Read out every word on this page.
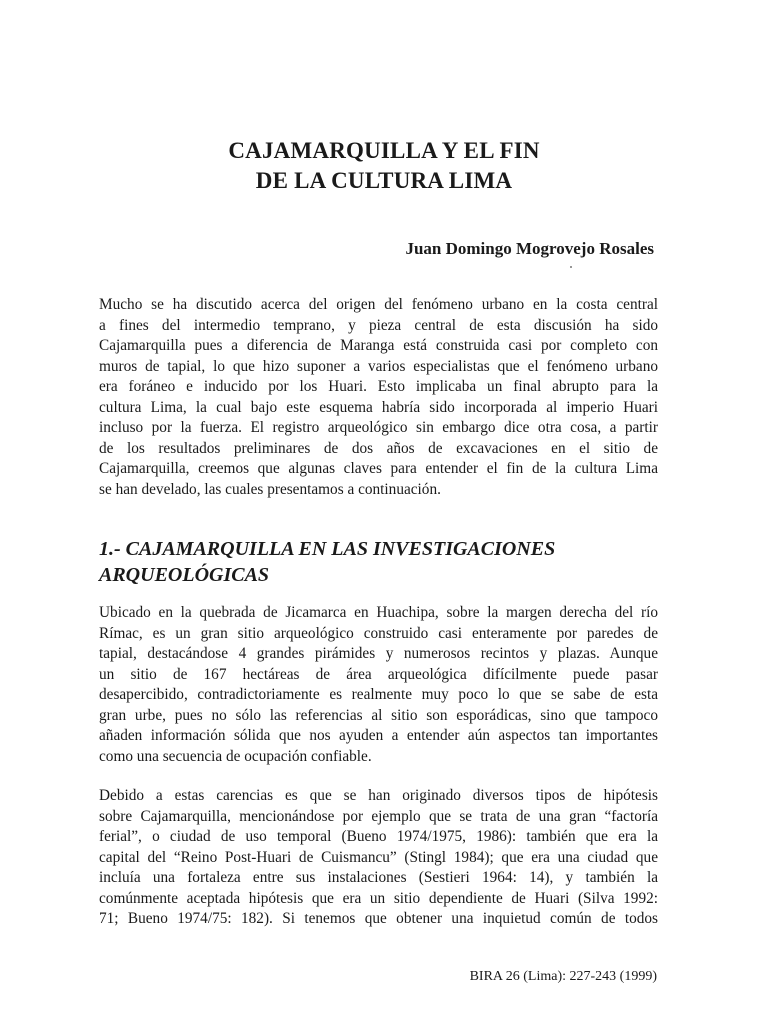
CAJAMARQUILLA Y EL FIN
DE LA CULTURA LIMA
Juan Domingo Mogrovejo Rosales
Mucho se ha discutido acerca del origen del fenómeno urbano en la costa central
a fines del intermedio temprano, y pieza central de esta discusión ha sido
Cajamarquilla pues a diferencia de Maranga está construida casi por completo con
muros de tapial, lo que hizo suponer a varios especialistas que el fenómeno urbano
era foráneo e inducido por los Huari. Esto implicaba un final abrupto para la
cultura Lima, la cual bajo este esquema habría sido incorporada al imperio Huari
incluso por la fuerza. El registro arqueológico sin embargo dice otra cosa, a partir
de los resultados preliminares de dos años de excavaciones en el sitio de
Cajamarquilla, creemos que algunas claves para entender el fin de la cultura Lima
se han develado, las cuales presentamos a continuación.
1.- CAJAMARQUILLA EN LAS INVESTIGACIONES
ARQUEOLÓGICAS
Ubicado en la quebrada de Jicamarca en Huachipa, sobre la margen derecha del río
Rímac, es un gran sitio arqueológico construido casi enteramente por paredes de
tapial, destacándose 4 grandes pirámides y numerosos recintos y plazas. Aunque
un sitio de 167 hectáreas de área arqueológica difícilmente puede pasar
desapercibido, contradictoriamente es realmente muy poco lo que se sabe de esta
gran urbe, pues no sólo las referencias al sitio son esporádicas, sino que tampoco
añaden información sólida que nos ayuden a entender aún aspectos tan importantes
como una secuencia de ocupación confiable.
Debido a estas carencias es que se han originado diversos tipos de hipótesis
sobre Cajamarquilla, mencionándose por ejemplo que se trata de una gran “factoría
ferial”, o ciudad de uso temporal (Bueno 1974/1975, 1986): también que era la
capital del “Reino Post-Huari de Cuismancu” (Stingl 1984); que era una ciudad que
incluía una fortaleza entre sus instalaciones (Sestieri 1964: 14), y también la
comúnmente aceptada hipótesis que era un sitio dependiente de Huari (Silva 1992:
71; Bueno 1974/75: 182). Si tenemos que obtener una inquietud común de todos
BIRA 26 (Lima): 227-243 (1999)
